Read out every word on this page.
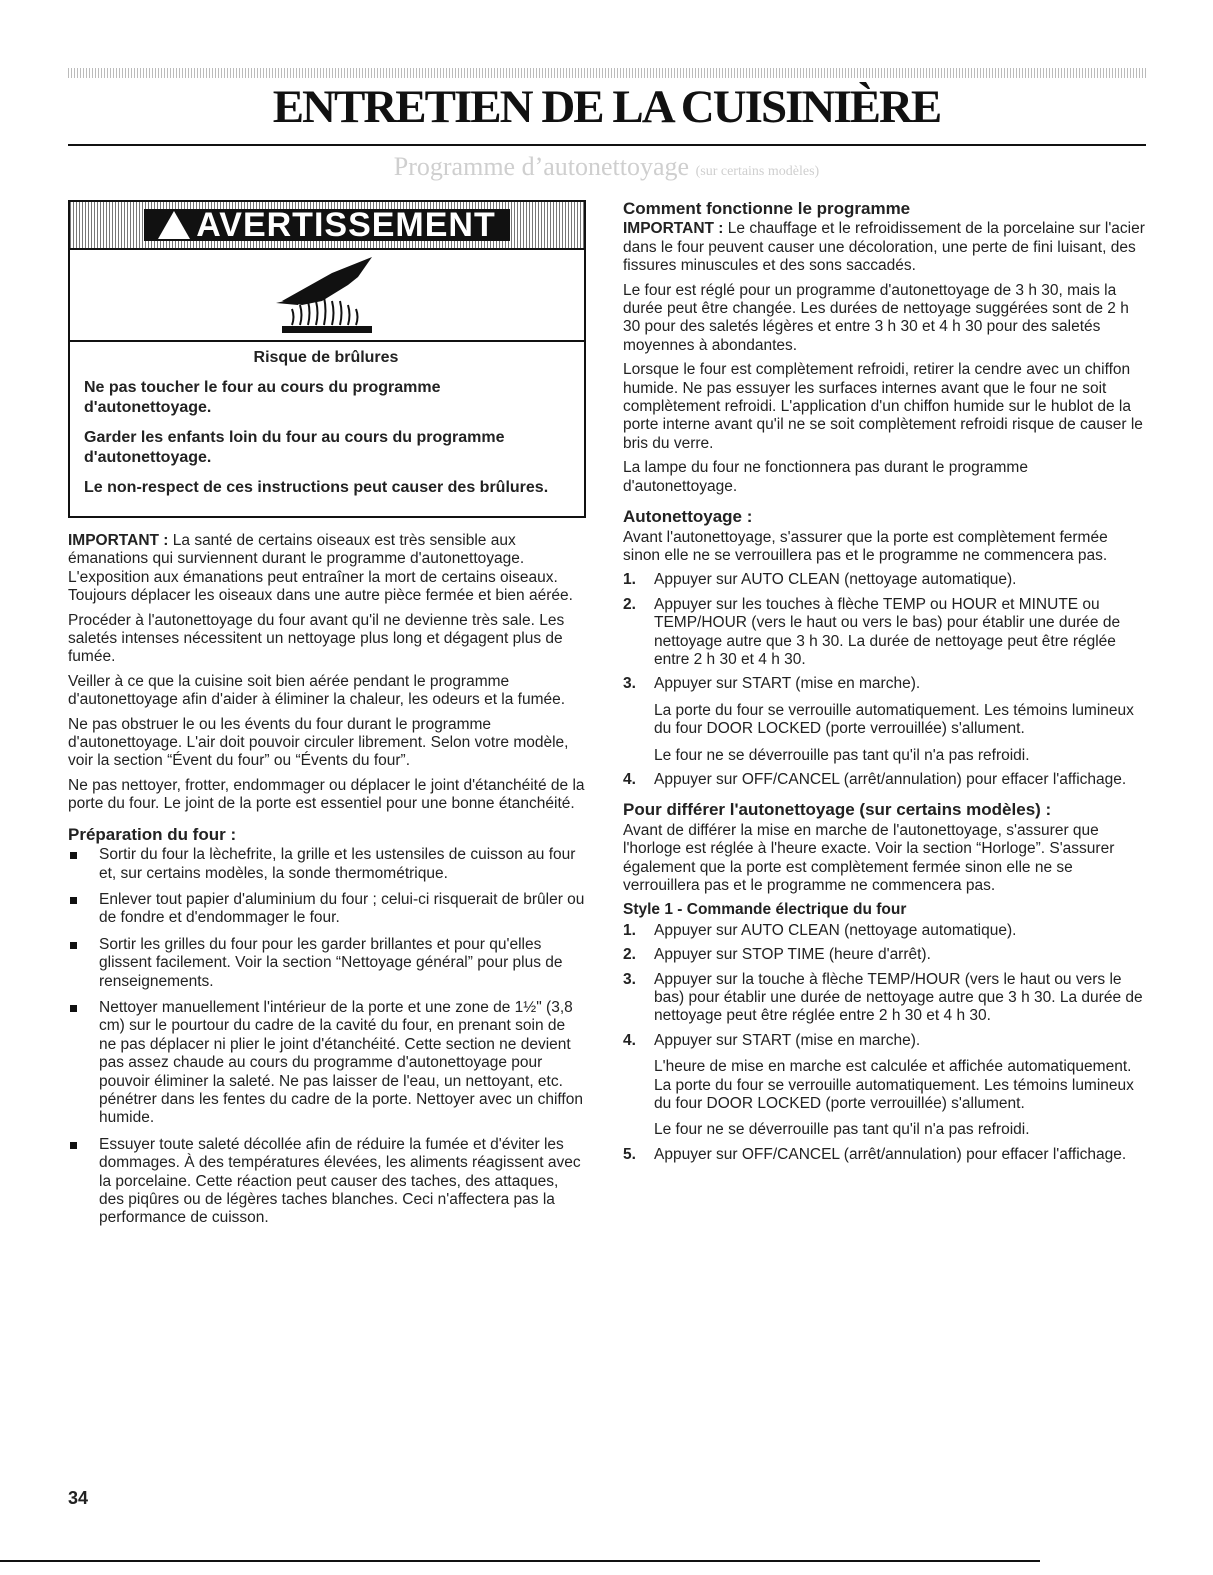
ENTRETIEN DE LA CUISINIÈRE
Programme d’autonettoyage (sur certains modèles)
AVERTISSEMENT
Risque de brûlures

Ne pas toucher le four au cours du programme d'autonettoyage.

Garder les enfants loin du four au cours du programme d'autonettoyage.

Le non-respect de ces instructions peut causer des brûlures.

IMPORTANT : La santé de certains oiseaux est très sensible aux émanations qui surviennent durant le programme d'autonettoyage. L'exposition aux émanations peut entraîner la mort de certains oiseaux. Toujours déplacer les oiseaux dans une autre pièce fermée et bien aérée.

Procéder à l'autonettoyage du four avant qu'il ne devienne très sale. Les saletés intenses nécessitent un nettoyage plus long et dégagent plus de fumée.

Veiller à ce que la cuisine soit bien aérée pendant le programme d'autonettoyage afin d'aider à éliminer la chaleur, les odeurs et la fumée.

Ne pas obstruer le ou les évents du four durant le programme d'autonettoyage. L'air doit pouvoir circuler librement. Selon votre modèle, voir la section “Évent du four” ou “Évents du four”.

Ne pas nettoyer, frotter, endommager ou déplacer le joint d'étanchéité de la porte du four. Le joint de la porte est essentiel pour une bonne étanchéité.

Préparation du four :
Sortir du four la lèchefrite, la grille et les ustensiles de cuisson au four et, sur certains modèles, la sonde thermométrique.
Enlever tout papier d'aluminium du four ; celui-ci risquerait de brûler ou de fondre et d'endommager le four.
Sortir les grilles du four pour les garder brillantes et pour qu'elles glissent facilement. Voir la section “Nettoyage général” pour plus de renseignements.
Nettoyer manuellement l'intérieur de la porte et une zone de 1½" (3,8 cm) sur le pourtour du cadre de la cavité du four, en prenant soin de ne pas déplacer ni plier le joint d'étanchéité. Cette section ne devient pas assez chaude au cours du programme d'autonettoyage pour pouvoir éliminer la saleté. Ne pas laisser de l'eau, un nettoyant, etc. pénétrer dans les fentes du cadre de la porte. Nettoyer avec un chiffon humide.
Essuyer toute saleté décollée afin de réduire la fumée et d'éviter les dommages. À des températures élevées, les aliments réagissent avec la porcelaine. Cette réaction peut causer des taches, des attaques, des piqûres ou de légères taches blanches. Ceci n'affectera pas la performance de cuisson.
Comment fonctionne le programme

IMPORTANT : Le chauffage et le refroidissement de la porcelaine sur l'acier dans le four peuvent causer une décoloration, une perte de fini luisant, des fissures minuscules et des sons saccadés.

Le four est réglé pour un programme d'autonettoyage de 3 h 30, mais la durée peut être changée. Les durées de nettoyage suggérées sont de 2 h 30 pour des saletés légères et entre 3 h 30 et 4 h 30 pour des saletés moyennes à abondantes.

Lorsque le four est complètement refroidi, retirer la cendre avec un chiffon humide. Ne pas essuyer les surfaces internes avant que le four ne soit complètement refroidi. L'application d'un chiffon humide sur le hublot de la porte interne avant qu'il ne se soit complètement refroidi risque de causer le bris du verre.

La lampe du four ne fonctionnera pas durant le programme d'autonettoyage.

Autonettoyage :

Avant l'autonettoyage, s'assurer que la porte est complètement fermée sinon elle ne se verrouillera pas et le programme ne commencera pas.

1. Appuyer sur AUTO CLEAN (nettoyage automatique).
2. Appuyer sur les touches à flèche TEMP ou HOUR et MINUTE ou TEMP/HOUR (vers le haut ou vers le bas) pour établir une durée de nettoyage autre que 3 h 30. La durée de nettoyage peut être réglée entre 2 h 30 et 4 h 30.
3. Appuyer sur START (mise en marche).

La porte du four se verrouille automatiquement. Les témoins lumineux du four DOOR LOCKED (porte verrouillée) s'allument.

Le four ne se déverrouille pas tant qu'il n'a pas refroidi.

4. Appuyer sur OFF/CANCEL (arrêt/annulation) pour effacer l'affichage.
Pour différer l'autonettoyage (sur certains modèles) :

Avant de différer la mise en marche de l'autonettoyage, s'assurer que l'horloge est réglée à l'heure exacte. Voir la section “Horloge”. S'assurer également que la porte est complètement fermée sinon elle ne se verrouillera pas et le programme ne commencera pas.

Style 1 - Commande électrique du four
1. Appuyer sur AUTO CLEAN (nettoyage automatique).
2. Appuyer sur STOP TIME (heure d'arrêt).
3. Appuyer sur la touche à flèche TEMP/HOUR (vers le haut ou vers le bas) pour établir une durée de nettoyage autre que 3 h 30. La durée de nettoyage peut être réglée entre 2 h 30 et 4 h 30.
4. Appuyer sur START (mise en marche).

L'heure de mise en marche est calculée et affichée automatiquement. La porte du four se verrouille automatiquement. Les témoins lumineux du four DOOR LOCKED (porte verrouillée) s'allument.

Le four ne se déverrouille pas tant qu'il n'a pas refroidi.

5. Appuyer sur OFF/CANCEL (arrêt/annulation) pour effacer l'affichage.
34
